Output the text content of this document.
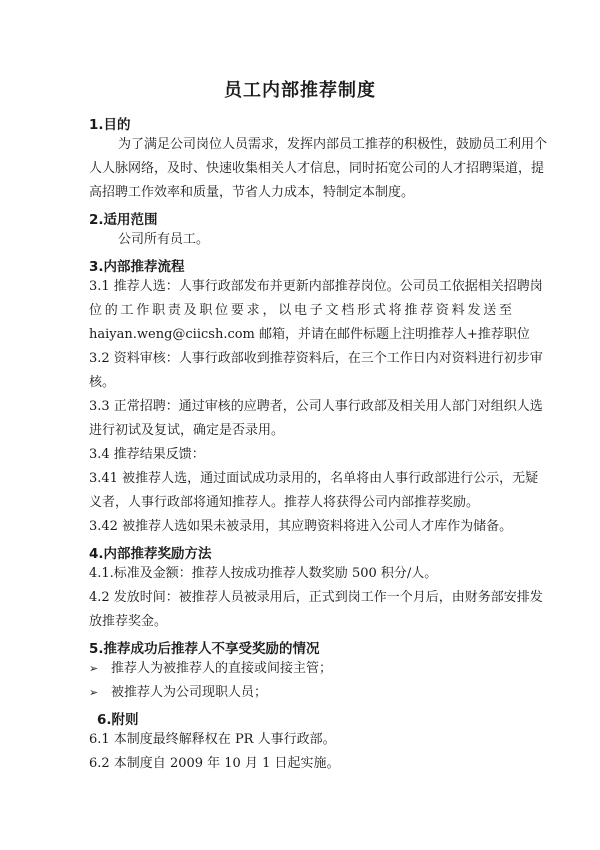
员工内部推荐制度
1.目的
为了满足公司岗位人员需求，发挥内部员工推荐的积极性，鼓励员工利用个
人人脉网络，及时、快速收集相关人才信息，同时拓宽公司的人才招聘渠道，提
高招聘工作效率和质量，节省人力成本，特制定本制度。
2.适用范围
公司所有员工。
3.内部推荐流程
3.1 推荐人选：人事行政部发布并更新内部推荐岗位。公司员工依据相关招聘岗
位的工作职责及职位要求，以电子文档形式将推荐资料发送至
haiyan.weng@ciicsh.com 邮箱，并请在邮件标题上注明推荐人+推荐职位
3.2 资料审核：人事行政部收到推荐资料后，在三个工作日内对资料进行初步审
核。
3.3 正常招聘：通过审核的应聘者，公司人事行政部及相关用人部门对组织人选
进行初试及复试，确定是否录用。
3.4 推荐结果反馈：
3.41 被推荐人选，通过面试成功录用的，名单将由人事行政部进行公示，无疑
义者，人事行政部将通知推荐人。推荐人将获得公司内部推荐奖励。
3.42 被推荐人选如果未被录用，其应聘资料将进入公司人才库作为储备。
4.内部推荐奖励方法
4.1.标准及金额：推荐人按成功推荐人数奖励 500 积分/人。
4.2 发放时间：被推荐人员被录用后，正式到岗工作一个月后，由财务部安排发
放推荐奖金。
5.推荐成功后推荐人不享受奖励的情况
➢ 推荐人为被推荐人的直接或间接主管；
➢ 被推荐人为公司现职人员；
6.附则
6.1 本制度最终解释权在 PR 人事行政部。
6.2 本制度自 2009 年 10 月 1 日起实施。
